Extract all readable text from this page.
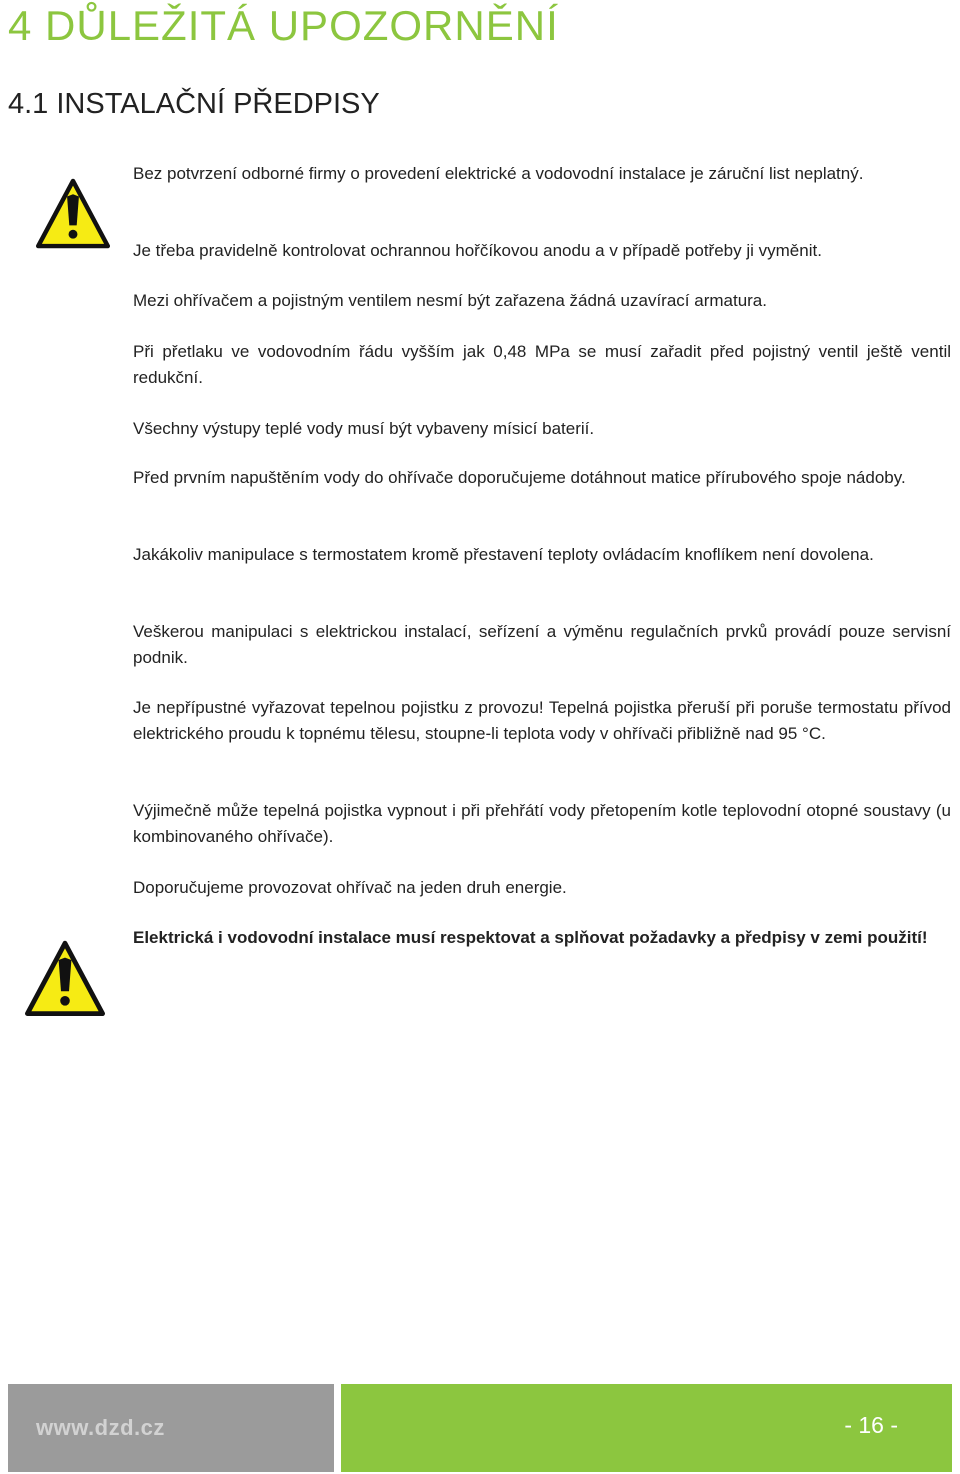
4 DŮLEŽITÁ UPOZORNĚNÍ
4.1 INSTALAČNÍ PŘEDPISY

Bez potvrzení odborné firmy o provedení elektrické a vodovodní instalace je záruční list neplatný.

Je třeba pravidelně kontrolovat ochrannou hořčíkovou anodu a v případě potřeby ji vyměnit.

Mezi ohřívačem a pojistným ventilem nesmí být zařazena žádná uzavírací armatura.

Při přetlaku ve vodovodním řádu vyšším jak 0,48 MPa se musí zařadit před pojistný ventil ještě ventil redukční.

Všechny výstupy teplé vody musí být vybaveny mísicí baterií.

Před prvním napuštěním vody do ohřívače doporučujeme dotáhnout matice přírubového spoje nádoby.

Jakákoliv manipulace s termostatem kromě přestavení teploty ovládacím knoflíkem není dovolena.

Veškerou manipulaci s elektrickou instalací, seřízení a výměnu regulačních prvků provádí pouze servisní podnik.

Je nepřípustné vyřazovat tepelnou pojistku z provozu! Tepelná pojistka přeruší při poruše termostatu přívod elektrického proudu k topnému tělesu, stoupne-li teplota vody v ohřívači přibližně nad 95 °C.

Výjimečně může tepelná pojistka vypnout i při přehřátí vody přetopením kotle teplovodní otopné soustavy (u kombinovaného ohřívače).

Doporučujeme provozovat ohřívač na jeden druh energie.

Elektrická i vodovodní instalace musí respektovat a splňovat požadavky a předpisy v zemi použití!

www.dzd.cz	- 16 -
